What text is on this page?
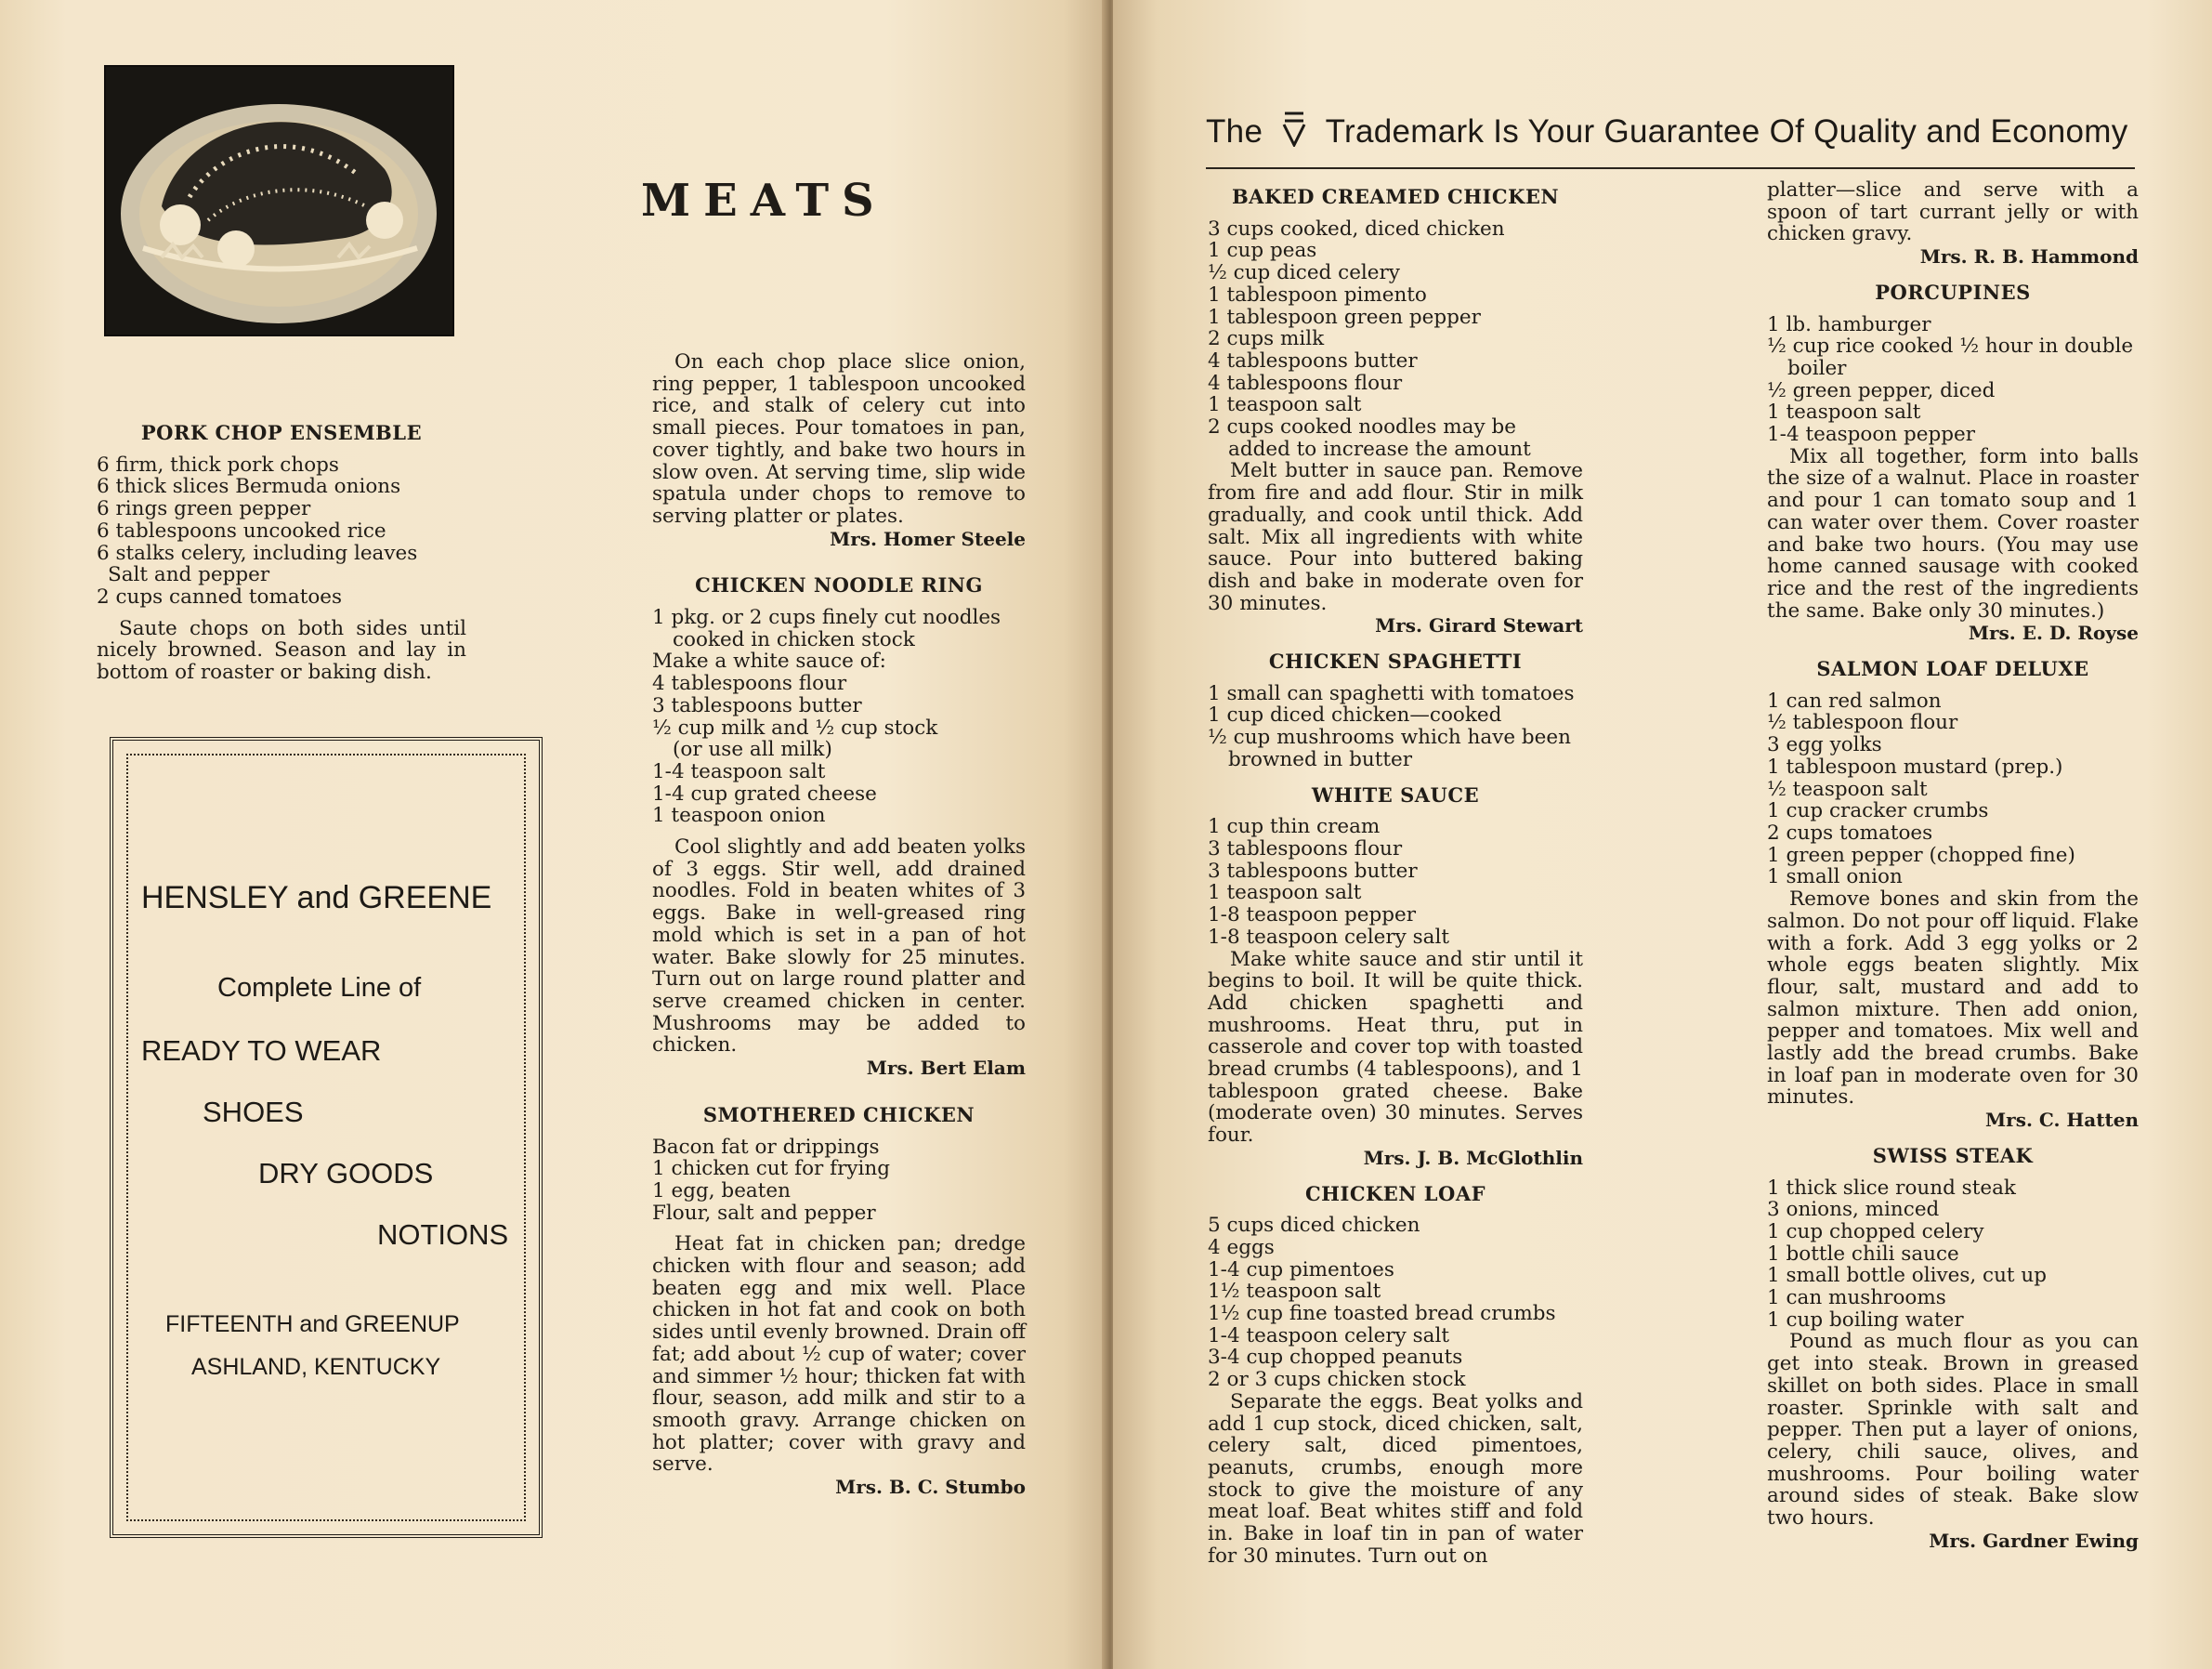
MEATS
PORK CHOP ENSEMBLE
6 firm, thick pork chops
6 thick slices Bermuda onions
6 rings green pepper
6 tablespoons uncooked rice
6 stalks celery, including leaves
Salt and pepper
2 cups canned tomatoes
Saute chops on both sides until nicely browned. Season and lay in bottom of roaster or baking dish.
HENSLEY and GREENE
Complete Line of
READY TO WEAR
SHOES
DRY GOODS
NOTIONS
FIFTEENTH and GREENUP
ASHLAND, KENTUCKY
On each chop place slice onion, ring pepper, 1 tablespoon uncooked rice, and stalk of celery cut into small pieces. Pour tomatoes in pan, cover tightly, and bake two hours in slow oven. At serving time, slip wide spatula under chops to remove to serving platter or plates.
Mrs. Homer Steele
CHICKEN NOODLE RING
1 pkg. or 2 cups finely cut noodles cooked in chicken stock
Make a white sauce of:
4 tablespoons flour
3 tablespoons butter
½ cup milk and ½ cup stock
(or use all milk)
1-4 teaspoon salt
1-4 cup grated cheese
1 teaspoon onion
Cool slightly and add beaten yolks of 3 eggs. Stir well, add drained noodles. Fold in beaten whites of 3 eggs. Bake in well-greased ring mold which is set in a pan of hot water. Bake slowly for 25 minutes. Turn out on large round platter and serve creamed chicken in center. Mushrooms may be added to chicken.
Mrs. Bert Elam
SMOTHERED CHICKEN
Bacon fat or drippings
1 chicken cut for frying
1 egg, beaten
Flour, salt and pepper
Heat fat in chicken pan; dredge chicken with flour and season; add beaten egg and mix well. Place chicken in hot fat and cook on both sides until evenly browned. Drain off fat; add about ½ cup of water; cover and simmer ½ hour; thicken fat with flour, season, add milk and stir to a smooth gravy. Arrange chicken on hot platter; cover with gravy and serve.
Mrs. B. C. Stumbo
The Trademark Is Your Guarantee Of Quality and Economy
BAKED CREAMED CHICKEN
3 cups cooked, diced chicken
1 cup peas
½ cup diced celery
1 tablespoon pimento
1 tablespoon green pepper
2 cups milk
4 tablespoons butter
4 tablespoons flour
1 teaspoon salt
2 cups cooked noodles may be added to increase the amount
Melt butter in sauce pan. Remove from fire and add flour. Stir in milk gradually, and cook until thick. Add salt. Mix all ingredients with white sauce. Pour into buttered baking dish and bake in moderate oven for 30 minutes.
Mrs. Girard Stewart
CHICKEN SPAGHETTI
1 small can spaghetti with tomatoes
1 cup diced chicken—cooked
½ cup mushrooms which have been browned in butter
WHITE SAUCE
1 cup thin cream
3 tablespoons flour
3 tablespoons butter
1 teaspoon salt
1-8 teaspoon pepper
1-8 teaspoon celery salt
Make white sauce and stir until it begins to boil. It will be quite thick. Add chicken spaghetti and mushrooms. Heat thru, put in casserole and cover top with toasted bread crumbs (4 tablespoons), and 1 tablespoon grated cheese. Bake (moderate oven) 30 minutes. Serves four.
Mrs. J. B. McGlothlin
CHICKEN LOAF
5 cups diced chicken
4 eggs
1-4 cup pimentoes
1½ teaspoon salt
1½ cup fine toasted bread crumbs
1-4 teaspoon celery salt
3-4 cup chopped peanuts
2 or 3 cups chicken stock
Separate the eggs. Beat yolks and add 1 cup stock, diced chicken, salt, celery salt, diced pimentoes, peanuts, crumbs, enough more stock to give the moisture of any meat loaf. Beat whites stiff and fold in. Bake in loaf tin in pan of water for 30 minutes. Turn out on
platter—slice and serve with a spoon of tart currant jelly or with chicken gravy.
Mrs. R. B. Hammond
PORCUPINES
1 lb. hamburger
½ cup rice cooked ½ hour in double boiler
½ green pepper, diced
1 teaspoon salt
1-4 teaspoon pepper
Mix all together, form into balls the size of a walnut. Place in roaster and pour 1 can tomato soup and 1 can water over them. Cover roaster and bake two hours. (You may use home canned sausage with cooked rice and the rest of the ingredients the same. Bake only 30 minutes.)
Mrs. E. D. Royse
SALMON LOAF DELUXE
1 can red salmon
½ tablespoon flour
3 egg yolks
1 tablespoon mustard (prep.)
½ teaspoon salt
1 cup cracker crumbs
2 cups tomatoes
1 green pepper (chopped fine)
1 small onion
Remove bones and skin from the salmon. Do not pour off liquid. Flake with a fork. Add 3 egg yolks or 2 whole eggs beaten slightly. Mix flour, salt, mustard and add to salmon mixture. Then add onion, pepper and tomatoes. Mix well and lastly add the bread crumbs. Bake in loaf pan in moderate oven for 30 minutes.
Mrs. C. Hatten
SWISS STEAK
1 thick slice round steak
3 onions, minced
1 cup chopped celery
1 bottle chili sauce
1 small bottle olives, cut up
1 can mushrooms
1 cup boiling water
Pound as much flour as you can get into steak. Brown in greased skillet on both sides. Place in small roaster. Sprinkle with salt and pepper. Then put a layer of onions, celery, chili sauce, olives, and mushrooms. Pour boiling water around sides of steak. Bake slow two hours.
Mrs. Gardner Ewing
